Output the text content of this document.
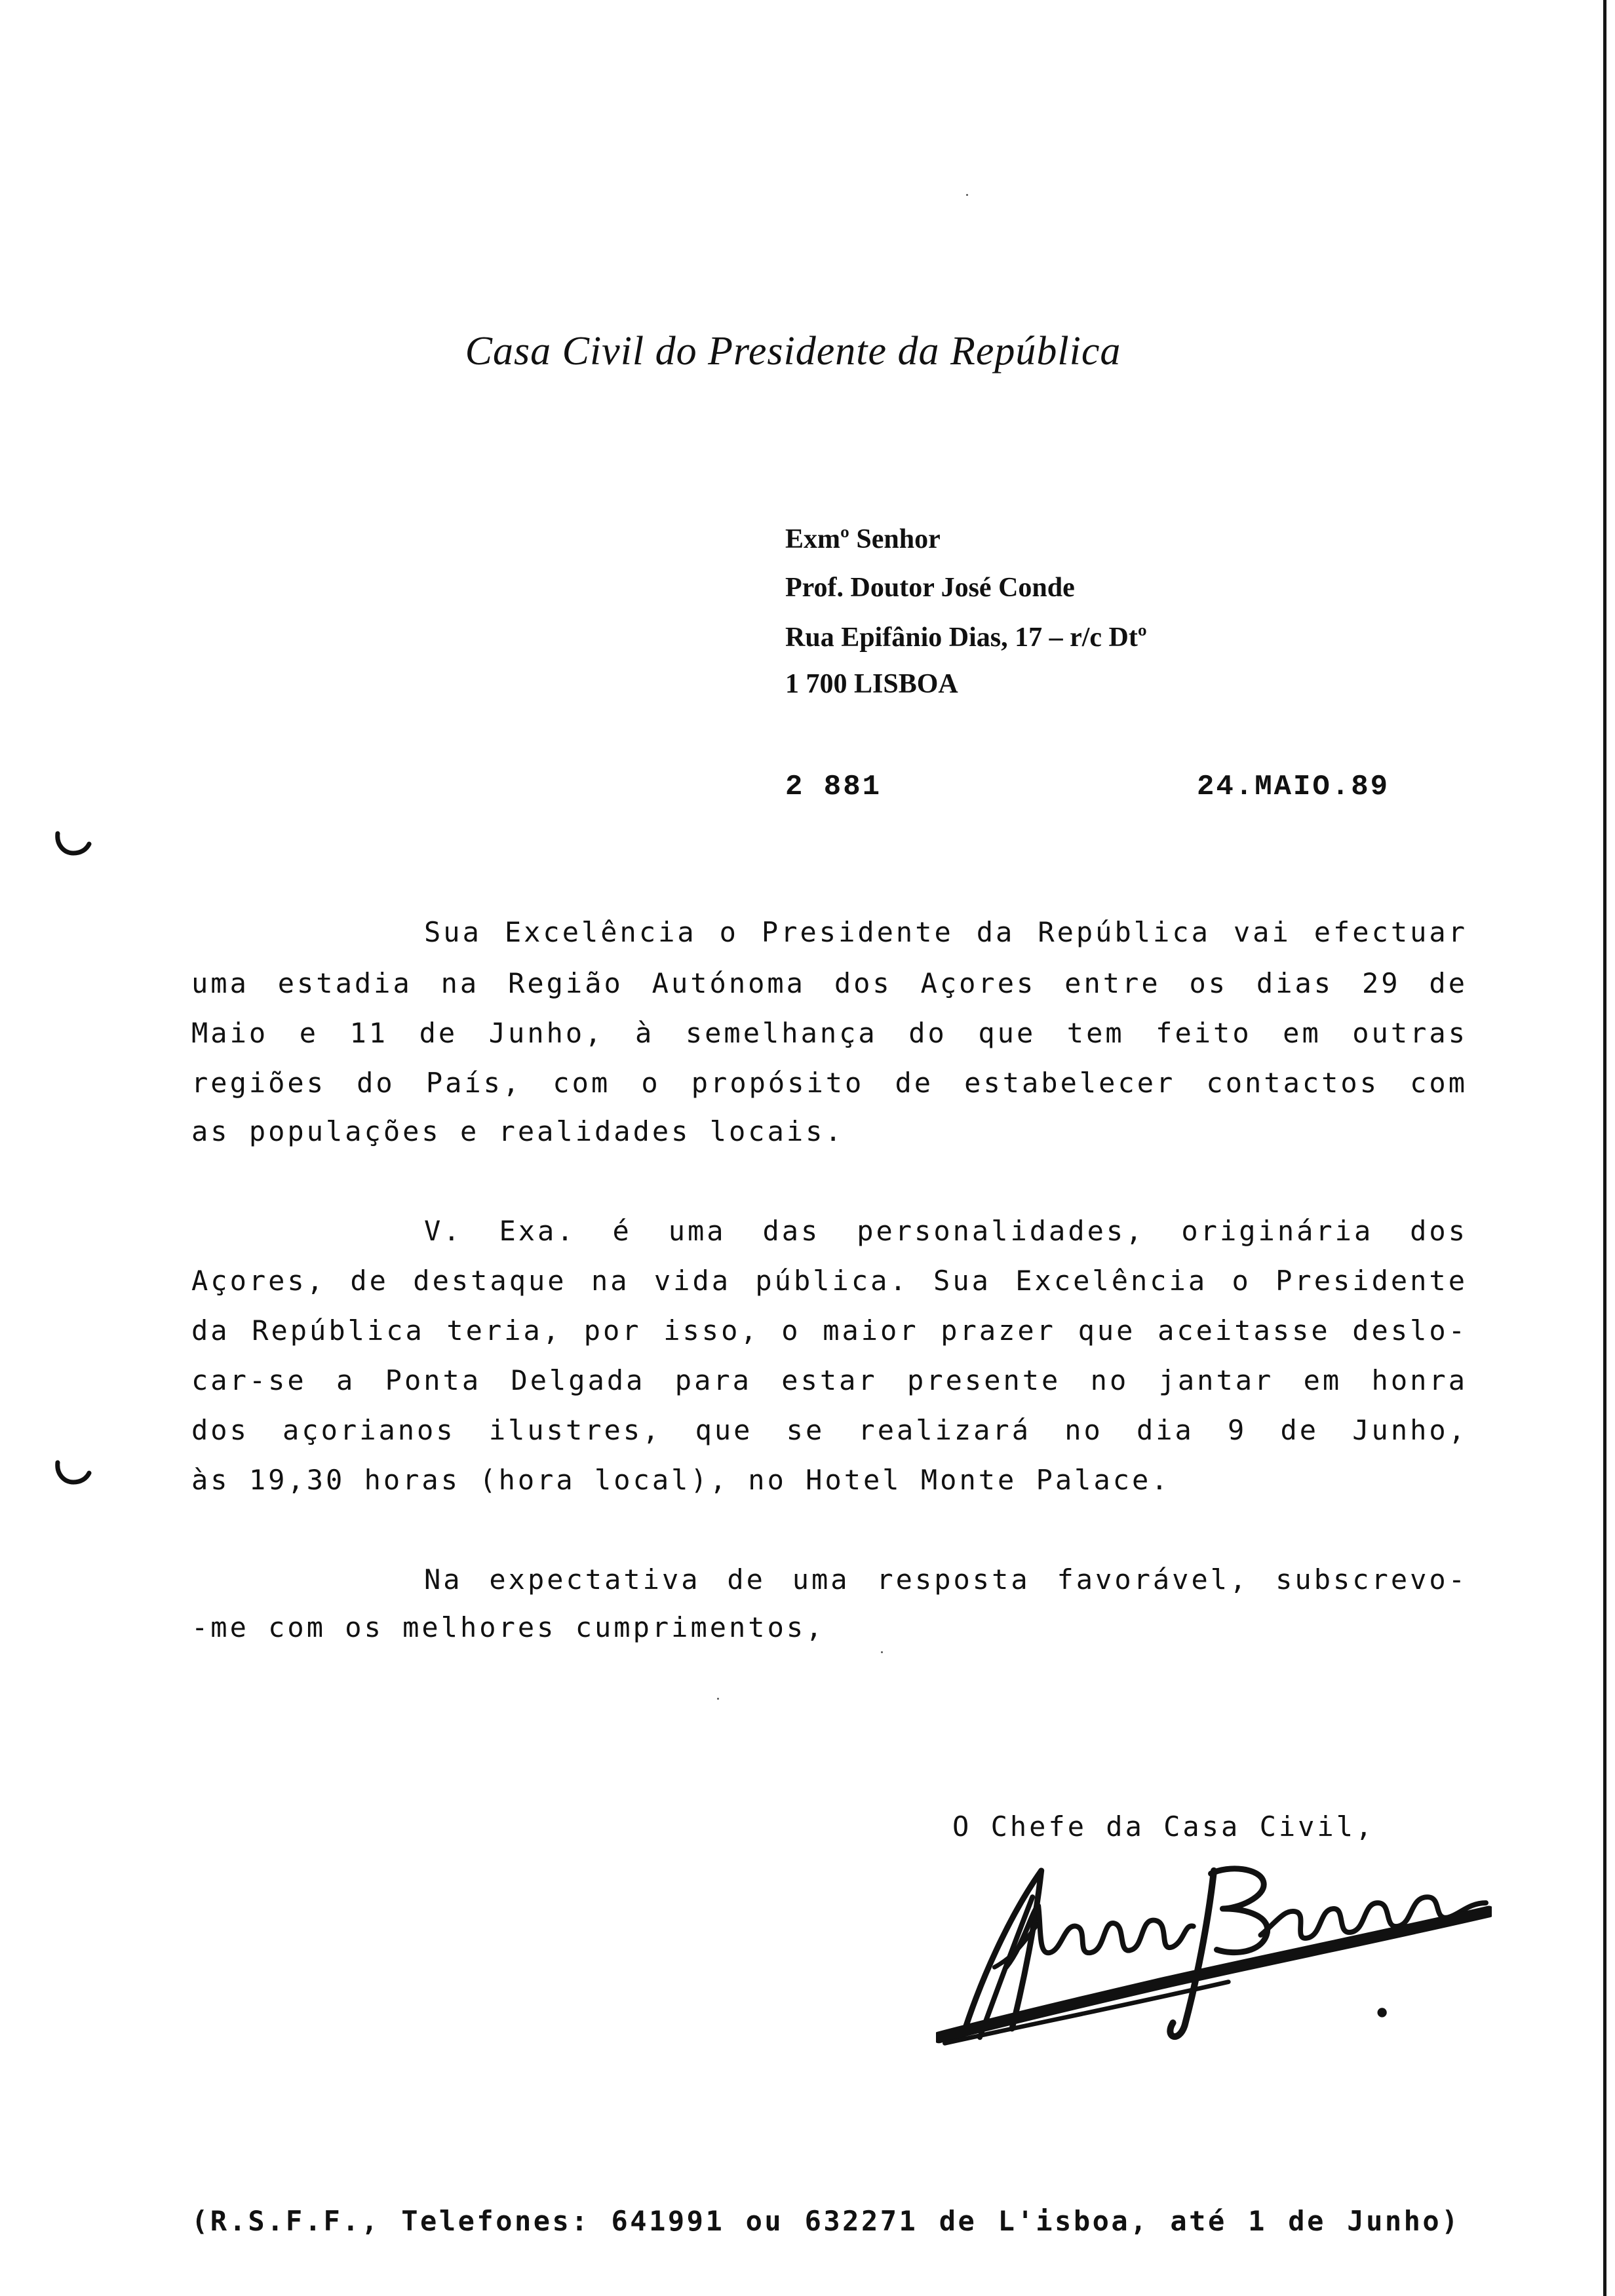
Casa Civil do Presidente da República
Exmº Senhor
Prof. Doutor José Conde
Rua Epifânio Dias, 17 – r/c Dtº
1 700 LISBOA
2 881	24.MAIO.89
Sua Excelência o Presidente da República vai efectuar
uma estadia na Região Autónoma dos Açores entre os dias 29 de
Maio e 11 de Junho, à semelhança do que tem feito em outras
regiões do País, com o propósito de estabelecer contactos com
as populações e realidades locais.
V. Exa. é uma das personalidades, originária dos
Açores, de destaque na vida pública. Sua Excelência o Presidente
da República teria, por isso, o maior prazer que aceitasse deslo-
car-se a Ponta Delgada para estar presente no jantar em honra
dos açorianos ilustres, que se realizará no dia 9 de Junho,
às 19,30 horas (hora local), no Hotel Monte Palace.
Na expectativa de uma resposta favorável, subscrevo-
-me com os melhores cumprimentos,
O Chefe da Casa Civil,
(R.S.F.F., Telefones: 641991 ou 632271 de L'isboa, até 1 de Junho)
